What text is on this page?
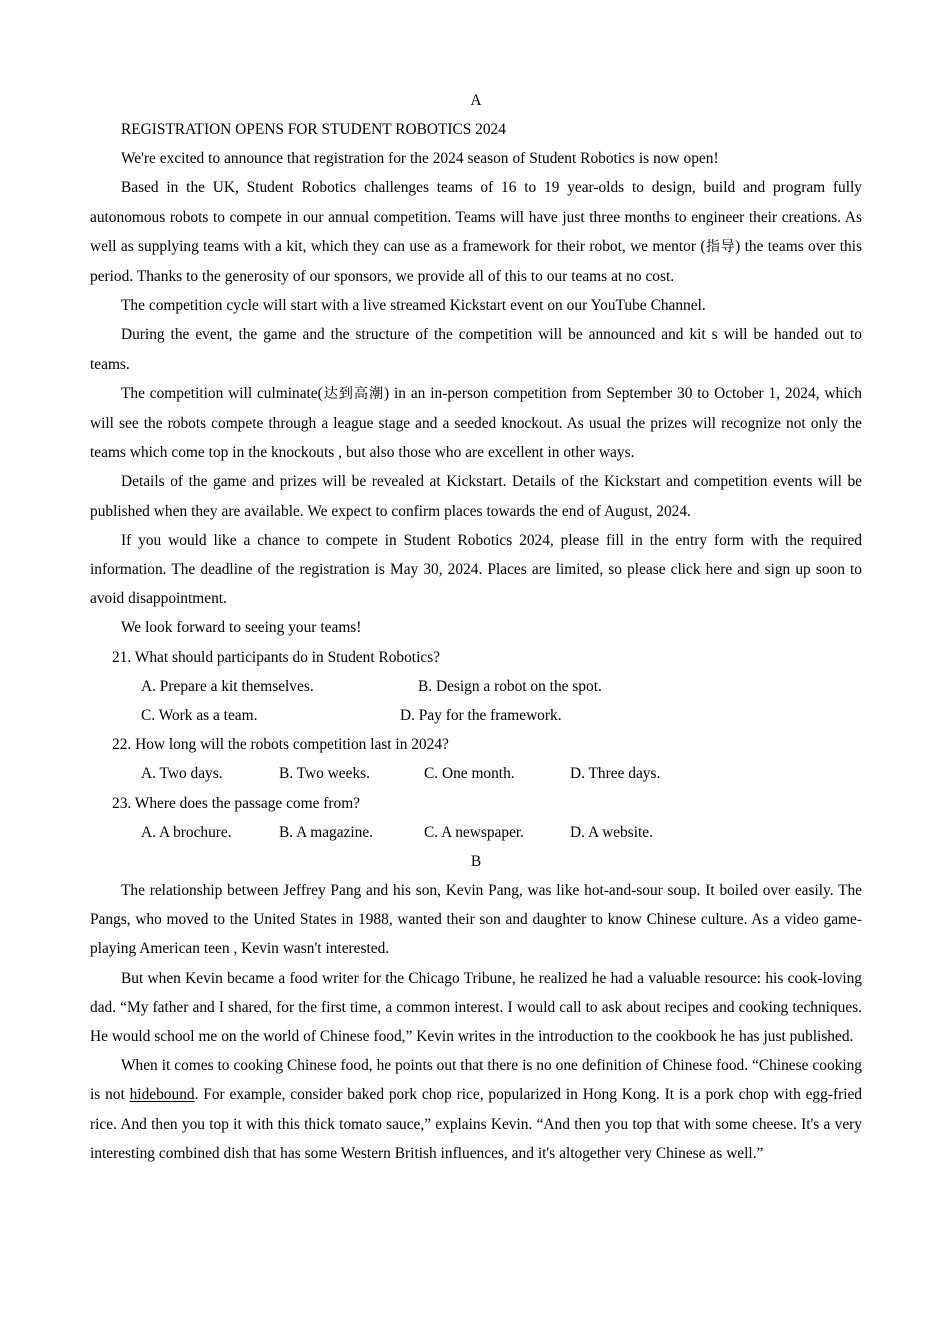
A

REGISTRATION OPENS FOR STUDENT ROBOTICS 2024

We're excited to announce that registration for the 2024 season of Student Robotics is now open!

Based in the UK, Student Robotics challenges teams of 16 to 19 year-olds to design, build and program fully autonomous robots to compete in our annual competition. Teams will have just three months to engineer their creations. As well as supplying teams with a kit, which they can use as a framework for their robot, we mentor (指导) the teams over this period. Thanks to the generosity of our sponsors, we provide all of this to our teams at no cost.

The competition cycle will start with a live streamed Kickstart event on our YouTube Channel.

During the event, the game and the structure of the competition will be announced and kit s will be handed out to teams.

The competition will culminate(达到高潮) in an in-person competition from September 30 to October 1, 2024, which will see the robots compete through a league stage and a seeded knockout. As usual the prizes will recognize not only the teams which come top in the knockouts , but also those who are excellent in other ways.

Details of the game and prizes will be revealed at Kickstart. Details of the Kickstart and competition events will be published when they are available. We expect to confirm places towards the end of August, 2024.

If you would like a chance to compete in Student Robotics 2024, please fill in the entry form with the required information. The deadline of the registration is May 30, 2024. Places are limited, so please click here and sign up soon to avoid disappointment.

We look forward to seeing your teams!

21. What should participants do in Student Robotics?

A. Prepare a kit themselves.	B. Design a robot on the spot.

C. Work as a team.	D. Pay for the framework.

22. How long will the robots competition last in 2024?

A. Two days.	B. Two weeks.	C. One month.	D. Three days.

23. Where does the passage come from?

A. A brochure.	B. A magazine.	C. A newspaper.	D. A website.

B

The relationship between Jeffrey Pang and his son, Kevin Pang, was like hot-and-sour soup. It boiled over easily. The Pangs, who moved to the United States in 1988, wanted their son and daughter to know Chinese culture. As a video game-playing American teen , Kevin wasn't interested.

But when Kevin became a food writer for the Chicago Tribune, he realized he had a valuable resource: his cook-loving dad. “My father and I shared, for the first time, a common interest. I would call to ask about recipes and cooking techniques. He would school me on the world of Chinese food,” Kevin writes in the introduction to the cookbook he has just published.

When it comes to cooking Chinese food, he points out that there is no one definition of Chinese food. “Chinese cooking is not hidebound. For example, consider baked pork chop rice, popularized in Hong Kong. It is a pork chop with egg-fried rice. And then you top it with this thick tomato sauce,” explains Kevin. “And then you top that with some cheese. It's a very interesting combined dish that has some Western British influences, and it's altogether very Chinese as well.”
